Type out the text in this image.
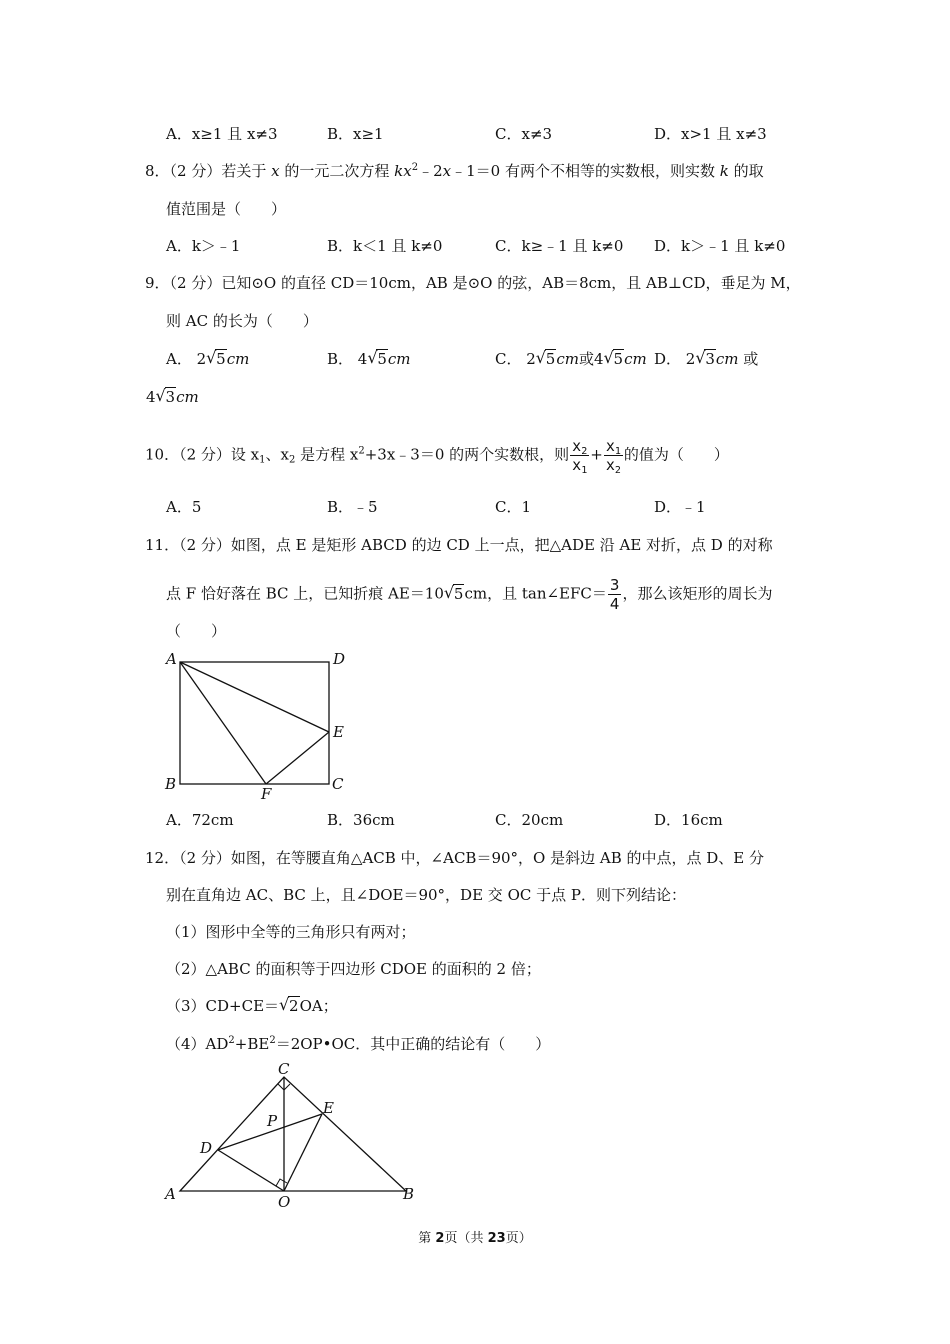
A．x≥1 且 x≠3	B．x≥1	C．x≠3	D．x>1 且 x≠3
8．（2 分）若关于 x 的一元二次方程 $kx^2﹣2x﹣1=0$ 有两个不相等的实数根，则实数 k 的取
值范围是（　　）
A．k＞﹣1	B．k＜1 且 k≠0	C．k≥﹣1 且 k≠0 D．k＞﹣1 且 k≠0
9．（2 分）已知⊙O 的直径 CD＝10cm，AB 是⊙O 的弦，AB＝8cm，且 AB⊥CD，垂足为 M，
则 AC 的长为（　　）
A． 2 √ 5cm	B． 4 √ 5cm	C． 2 √ 5cm或4 √ 5cm D． 2 √ 3cm 或
4 √ 3cm
10．（2 分）设 $x_1$、$x_2$ 是方程 $x^2+3x﹣3=0$ 的两个实数根，则 $\frac{x_2}{x_1} + \frac{x_1}{x_2}$ 的值为（　　）
A．5	B．﹣5	C．1	D．﹣1
11．（2 分）如图，点 E 是矩形 ABCD 的边 CD 上一点，把△ADE 沿 AE 对折，点 D 的对称
点 F 恰好落在 BC 上，已知折痕 AE＝10 √ 5cm，且 tan∠EFC＝ $\frac{3}{4}$ ，那么该矩形的周长为
（　　）
A	D
E
B	C
F
A．72cm	B．36cm	C．20cm	D．16cm
12．（2 分）如图，在等腰直角△ACB 中，∠ACB＝90°，O 是斜边 AB 的中点，点 D、E 分
别在直角边 AC、BC 上，且∠DOE＝90°，DE 交 OC 于点 P．则下列结论：
（1）图形中全等的三角形只有两对；
（2）△ABC 的面积等于四边形 CDOE 的面积的 2 倍；
（3）CD+CE＝ √ 2OA；
$(4)AD^2+BE^2=2OP•OC$．其中正确的结论有（　　）
C
E
P
D
A	B
O
第 2页（共 23页）
